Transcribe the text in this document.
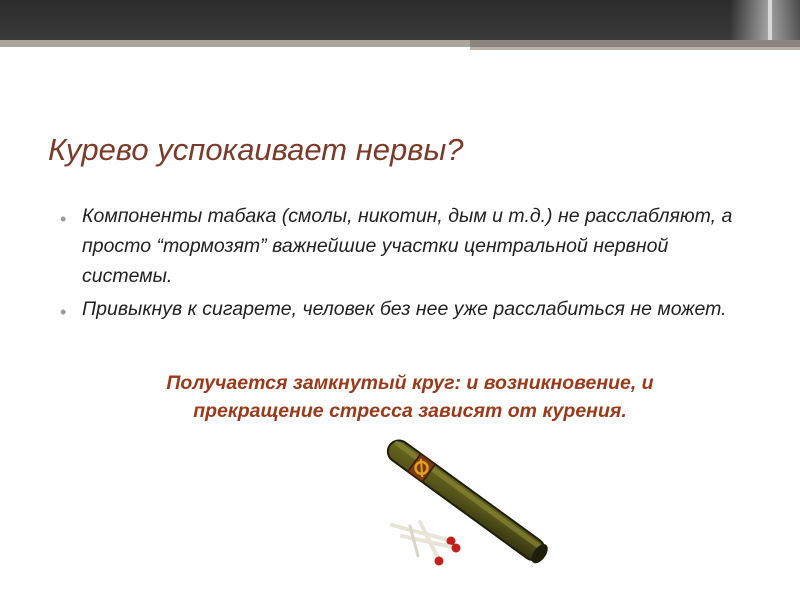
Курево успокаивает нервы?
• Компоненты табака (смолы, никотин, дым и т.д.) не расслабляют, а просто “тормозят” важнейшие участки центральной нервной системы.
• Привыкнув к сигарете, человек без нее уже расслабиться не может.
Получается замкнутый круг: и возникновение, и прекращение стресса зависят от курения.
